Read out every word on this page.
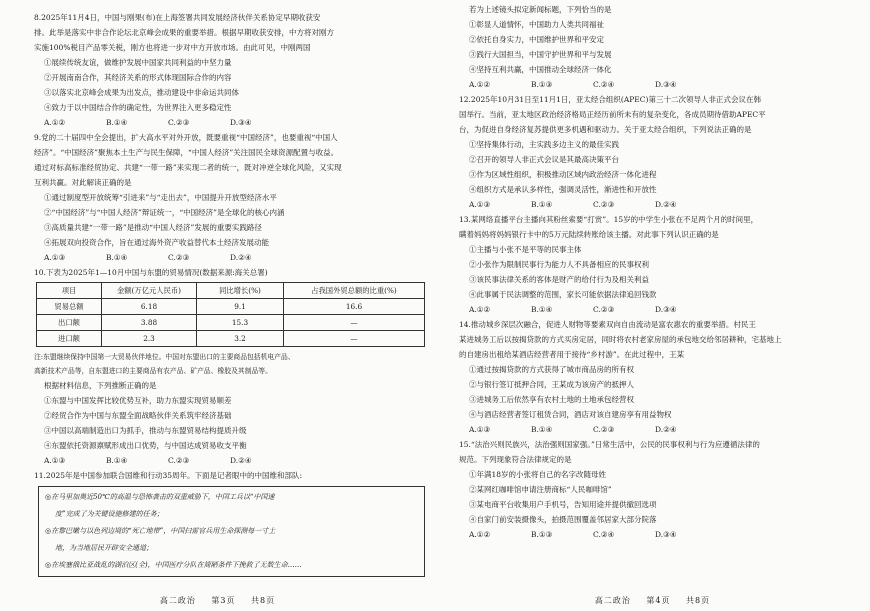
8.2025年11月4日，中国与刚果(布)在上海签署共同发展经济伙伴关系协定早期收获安

排。此举是落实中非合作论坛北京峰会成果的重要举措。根据早期收获安排，中方将对刚方

实施100%税目产品零关税，刚方也将进一步对中方开放市场。由此可见，中刚两国

①展续传统友谊，做维护发展中国家共同利益的中坚力量

②开展南南合作，其经济关系的形式体现国际合作的内容

③以落实北京峰会成果为出发点，推动建设中非命运共同体

④致力于以中国结合作的确定性，为世界注入更多稳定性

A.①②	B.①④	C.②③	D.③④

9.党的二十届四中全会提出，扩大高水平对外开放，既要重视“中国经济”，也要重视“中国人

经济”。“中国经济”聚焦本土生产与民生保障，“中国人经济”关注国民全球资源配置与收益。

通过对标高标准经贸协定、共建“一带一路”来实现二者的统一，既对冲逆全球化风险，又实现

互利共赢。对此解读正确的是

①通过制度型开放统筹“引进来”与“走出去”，中国提升开放型经济水平

②“中国经济”与“中国人经济”辩证统一，“中国经济”是全球化的核心内涵

③高质量共建“一带一路”是推动“中国人经济”发展的重要实践路径

④拓展双向投资合作，旨在通过海外资产收益替代本土经济发展动能

A.①③	B.①④	C.②③	D.②④

10.下表为2025年1—10月中国与东盟的贸易情况(数据来源:海关总署)

项目	金额(万亿元人民币)	同比增长(%)	占我国外贸总额的比重(%)
贸易总额	6.18	9.1	16.6
出口额	3.88	15.3	—
进口额	2.3	3.2	—

注:东盟继续保持中国第一大贸易伙伴地位。中国对东盟出口的主要商品包括机电产品、

高新技术产品等，自东盟进口的主要商品有农产品、矿产品、橡胶及其制品等。

根据材料信息，下列推断正确的是

①东盟与中国发挥比较优势互补，助力东盟实现贸易顺差

②经贸合作为中国与东盟全面战略伙伴关系筑牢经济基础

③中国以高端制造出口为抓手，推动与东盟贸易结构提质升级

④东盟依托资源禀赋形成出口优势，与中国达成贸易收支平衡

A.①③	B.①④	C.②③	D.②④

11.2025年是中国参加联合国维和行动35周年。下面是记者眼中的中国维和部队:

◎在马里加奥近50℃的高温与恐怖袭击的双重威胁下，中国工兵以“中国速

度”完成了为关键设施修建的任务；

◎在黎巴嫩与以色列边境的“死亡地带”，中国扫雷官兵用生命探测每一寸土

地，为当地居民开辟安全通道；

◎在埃塞俄比亚战乱的湖泊区(全)，中国医疗分队在简陋条件下挽救了无数生命……

高二政治 第3页 共8页

若为上述镜头拟定新闻标题，下列恰当的是

①彰显人道情怀，中国助力人类共同福祉

②依托自身实力，中国维护世界和平安定

③践行大国担当，中国守护世界和平与发展

④坚持互利共赢，中国推动全球经济一体化

A.①②	B.①③	C.②④	D.③④

12.2025年10月31日至11月1日，亚太经合组织(APEC)第三十二次领导人非正式会议在韩

国举行。当前，亚太地区政治经济格局正经历前所未有的复杂变化，各成员期待借助APEC平

台，为促进自身经济复苏提供更多机遇和驱动力。关于亚太经合组织，下列说法正确的是

①坚持集体行动，主实践多边主义的最佳实践

②召开的领导人非正式会议是其最高决策平台

③作为区域性组织，积极推动区域内政治经济一体化进程

④组织方式是承认多样性，强调灵活性，渐进性和开放性

A.①③	B.①④	C.②③	D.②④

13.某网络直播平台主播向其粉丝索要“打赏”。15岁的中学生小张在不足两个月的时间里，

瞒着妈妈将妈妈银行卡中的5万元陆续转账给该主播。对此事下列认识正确的是

①主播与小张不是平等的民事主体

②小张作为限制民事行为能力人不具备相应的民事权利

③该民事法律关系的客体是财产的给付行为及相关利益

④此事属于民法调整的范围，家长可能依据法律追回钱款

A.①②	B.①④	C.②③	D.③④

14.推动城乡深层次融合，促进人财物等要素双向自由流动是富农惠农的重要举措。村民王

某进城务工后以按揭贷款的方式买房定居，同时将农村老家房屋的承包地交给邻居耕种，宅基地上

的自建房出租给某酒店经营者用于接待“乡村游”。在此过程中，王某

①通过按揭贷款的方式获得了城市商品房的所有权

②与银行签订抵押合同，王某成为该房产的抵押人

③进城务工后依然享有农村土地的土地承包经营权

④与酒店经营者签订租赁合同，酒店对该自建房享有用益物权

A.①③	B.①④	C.②③	D.②④

15.“法治兴则民族兴，法治强则国家强。”日常生活中，公民的民事权利与行为应遵循法律的

规范。下列现象符合法律规定的是

①年满18岁的小张将自己的名字改随母姓

②某网红咖啡馆申请注册商标“人民咖啡馆”

③某电商平台收集用户手机号，告知用途并提供撤回选项

④自家门前安装摄像头，拍摄范围覆盖邻居家大部分院落

A.①②	B.①③	C.②④	D.③④

高二政治 第4页 共8页
